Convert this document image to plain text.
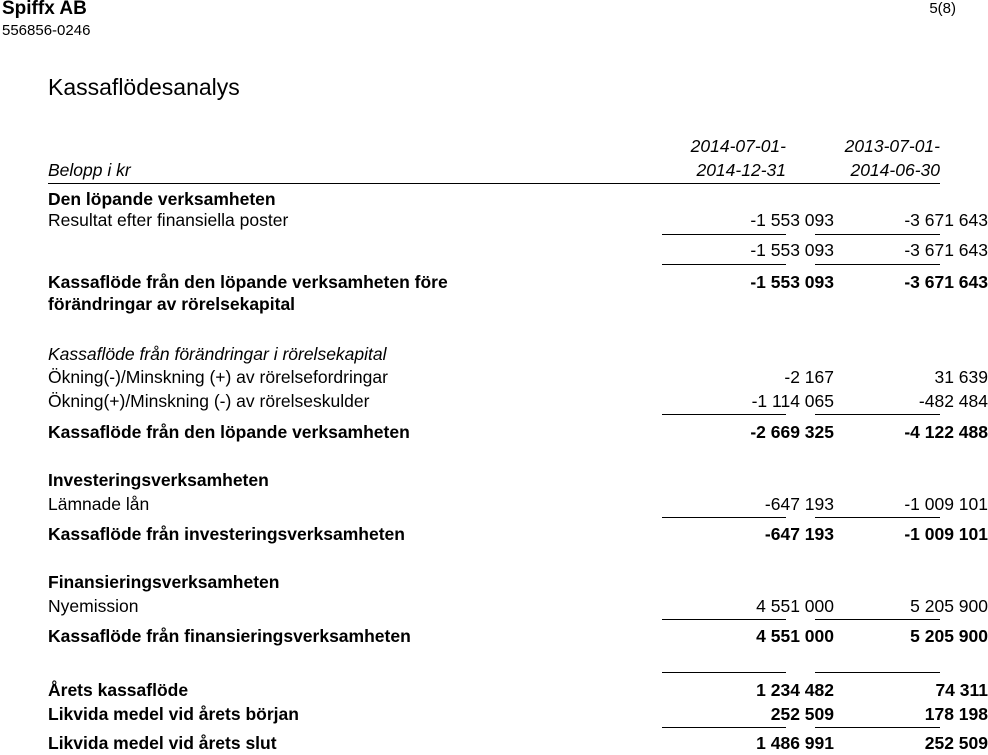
Spiffx AB
556856-0246
5(8)
Kassaflödesanalys
Belopp i kr
2014-07-01-
2014-12-31
2013-07-01-
2014-06-30
Den löpande verksamheten
Resultat efter finansiella poster	-1 553 093	-3 671 643
-1 553 093	-3 671 643
Kassaflöde från den löpande verksamheten före	-1 553 093	-3 671 643
förändringar av rörelsekapital
Kassaflöde från förändringar i rörelsekapital
Ökning(-)/Minskning (+) av rörelsefordringar	-2 167	31 639
Ökning(+)/Minskning (-) av rörelseskulder	-1 114 065	-482 484
Kassaflöde från den löpande verksamheten	-2 669 325	-4 122 488
Investeringsverksamheten
Lämnade lån	-647 193	-1 009 101
Kassaflöde från investeringsverksamheten	-647 193	-1 009 101
Finansieringsverksamheten
Nyemission	4 551 000	5 205 900
Kassaflöde från finansieringsverksamheten	4 551 000	5 205 900
Årets kassaflöde	1 234 482	74 311
Likvida medel vid årets början	252 509	178 198
Likvida medel vid årets slut	1 486 991	252 509
